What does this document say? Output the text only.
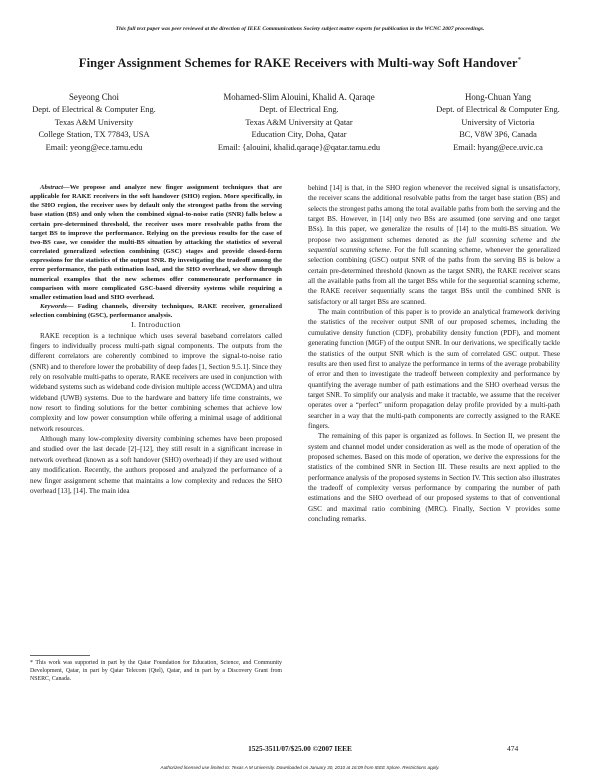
This full text paper was peer reviewed at the direction of IEEE Communications Society subject matter experts for publication in the WCNC 2007 proceedings.
Finger Assignment Schemes for RAKE Receivers with Multi-way Soft Handover*
Seyeong Choi
Dept. of Electrical & Computer Eng.
Texas A&M University
College Station, TX 77843, USA
Email: yeong@ece.tamu.edu
Mohamed-Slim Alouini, Khalid A. Qaraqe
Dept. of Electrical Eng.
Texas A&M University at Qatar
Education City, Doha, Qatar
Email: {alouini, khalid.qaraqe}@qatar.tamu.edu
Hong-Chuan Yang
Dept. of Electrical & Computer Eng.
University of Victoria
BC, V8W 3P6, Canada
Email: hyang@ece.uvic.ca

Abstract—We propose and analyze new finger assignment techniques that are applicable for RAKE receivers in the soft handover (SHO) region. More specifically, in the SHO region, the receiver uses by default only the strongest paths from the serving base station (BS) and only when the combined signal-to-noise ratio (SNR) falls below a certain pre-determined threshold, the receiver uses more resolvable paths from the target BS to improve the performance. Relying on the previous results for the case of two-BS case, we consider the multi-BS situation by attacking the statistics of several correlated generalized selection combining (GSC) stages and provide closed-form expressions for the statistics of the output SNR. By investigating the tradeoff among the error performance, the path estimation load, and the SHO overhead, we show through numerical examples that the new schemes offer commensurate performance in comparison with more complicated GSC-based diversity systems while requiring a smaller estimation load and SHO overhead.

Keywords— Fading channels, diversity techniques, RAKE receiver, generalized selection combining (GSC), performance analysis.

I. Introduction

RAKE reception is a technique which uses several baseband correlators called fingers to individually process multi-path signal components. The outputs from the different correlators are coherently combined to improve the signal-to-noise ratio (SNR) and to therefore lower the probability of deep fades [1, Section 9.5.1]. Since they rely on resolvable multi-paths to operate, RAKE receivers are used in conjunction with wideband systems such as wideband code division multiple access (WCDMA) and ultra wideband (UWB) systems. Due to the hardware and battery life time constraints, we now resort to finding solutions for the better combining schemes that achieve low complexity and low power consumption while offering a minimal usage of additional network resources.

Although many low-complexity diversity combining schemes have been proposed and studied over the last decade [2]–[12], they still result in a significant increase in network overhead (known as a soft handover (SHO) overhead) if they are used without any modification. Recently, the authors proposed and analyzed the performance of a new finger assignment scheme that maintains a low complexity and reduces the SHO overhead [13], [14]. The main idea

* This work was supported in part by the Qatar Foundation for Education, Science, and Community Development, Qatar, in part by Qatar Telecom (Qtel), Qatar, and in part by a Discovery Grant from NSERC, Canada.

behind [14] is that, in the SHO region whenever the received signal is unsatisfactory, the receiver scans the additional resolvable paths from the target base station (BS) and selects the strongest paths among the total available paths from both the serving and the target BS. However, in [14] only two BSs are assumed (one serving and one target BSs). In this paper, we generalize the results of [14] to the multi-BS situation. We propose two assignment schemes denoted as the full scanning scheme and the sequential scanning scheme. For the full scanning scheme, whenever the generalized selection combining (GSC) output SNR of the paths from the serving BS is below a certain pre-determined threshold (known as the target SNR), the RAKE receiver scans all the available paths from all the target BSs while for the sequential scanning scheme, the RAKE receiver sequentially scans the target BSs until the combined SNR is satisfactory or all target BSs are scanned.

The main contribution of this paper is to provide an analytical framework deriving the statistics of the receiver output SNR of our proposed schemes, including the cumulative density function (CDF), probability density function (PDF), and moment generating function (MGF) of the output SNR. In our derivations, we specifically tackle the statistics of the output SNR which is the sum of correlated GSC output. These results are then used first to analyze the performance in terms of the average probability of error and then to investigate the tradeoff between complexity and performance by quantifying the average number of path estimations and the SHO overhead versus the target SNR. To simplify our analysis and make it tractable, we assume that the receiver operates over a “perfect” uniform propagation delay profile provided by a multi-path searcher in a way that the multi-path components are correctly assigned to the RAKE fingers.

The remaining of this paper is organized as follows. In Section II, we present the system and channel model under consideration as well as the mode of operation of the proposed schemes. Based on this mode of operation, we derive the expressions for the statistics of the combined SNR in Section III. These results are next applied to the performance analysis of the proposed systems in Section IV. This section also illustrates the tradeoff of complexity versus performance by comparing the number of path estimations and the SHO overhead of our proposed systems to that of conventional GSC and maximal ratio combining (MRC). Finally, Section V provides some concluding remarks.

1525-3511/07/$25.00 ©2007 IEEE	474
Authorized licensed use limited to: Texas A M University. Downloaded on January 30, 2010 at 16:09 from IEEE Xplore. Restrictions apply.
